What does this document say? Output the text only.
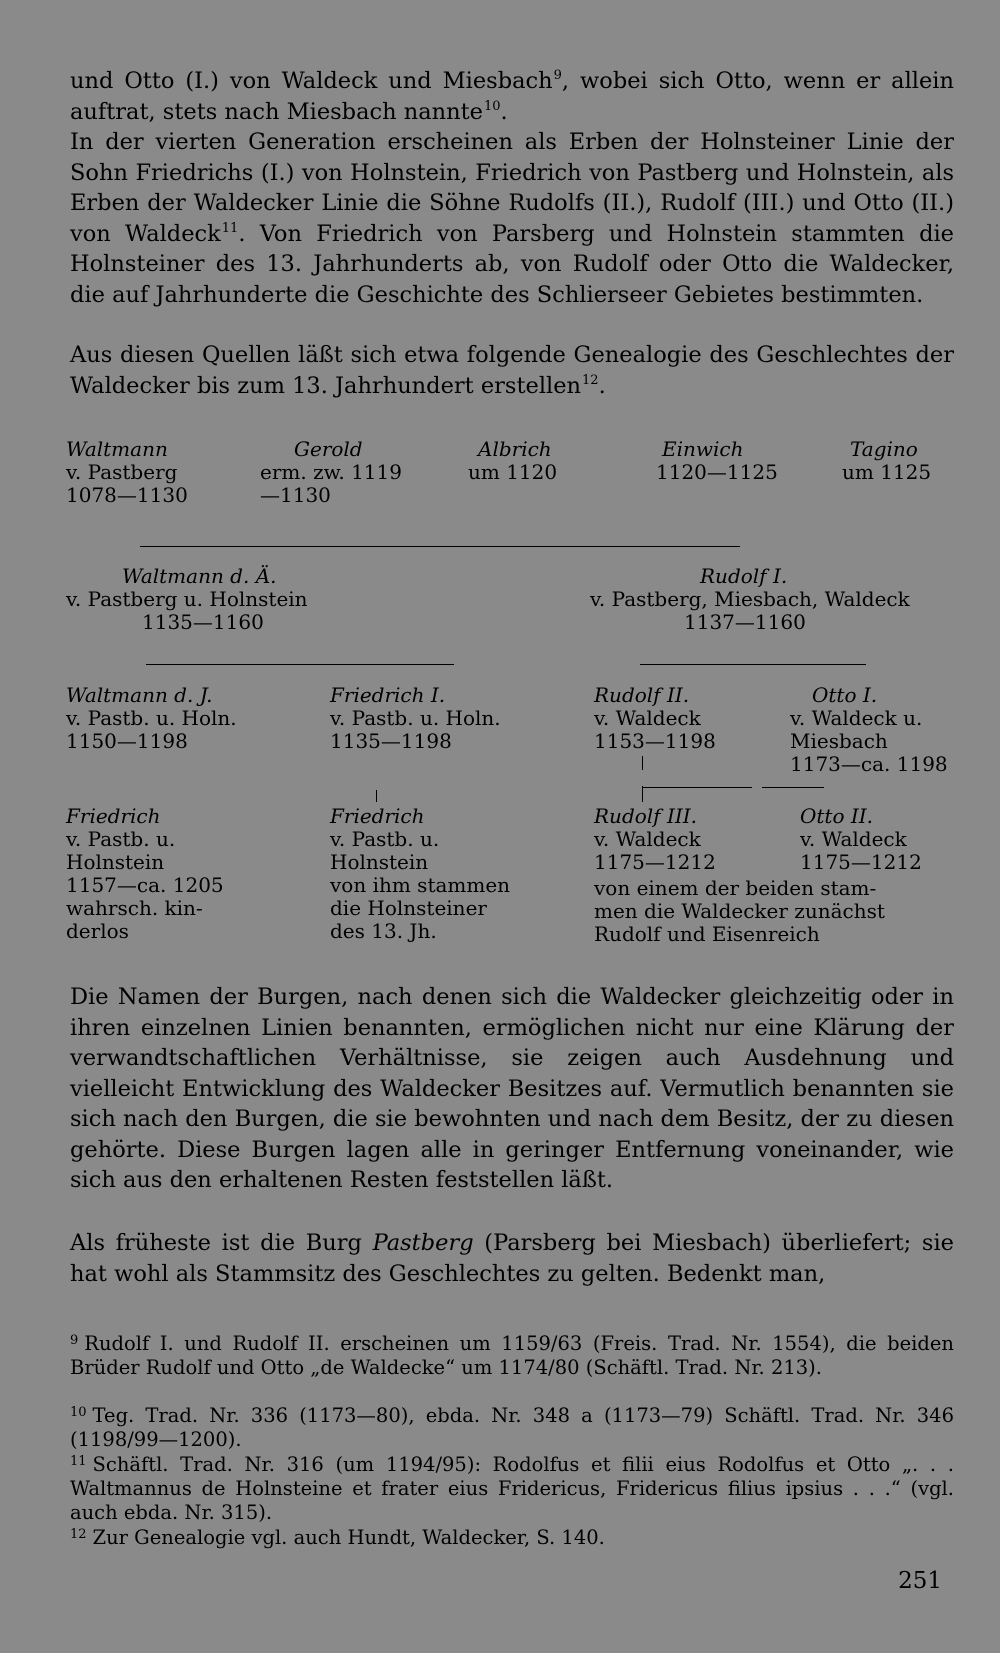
und Otto (I.) von Waldeck und Miesbach$^9$, wobei sich Otto, wenn er allein auftrat, stets nach Miesbach nannte$^{10}$.

In der vierten Generation erscheinen als Erben der Holnsteiner Linie der Sohn Friedrichs (I.) von Holnstein, Friedrich von Pastberg und Holnstein, als Erben der Waldecker Linie die Söhne Rudolfs (II.), Rudolf (III.) und Otto (II.) von Waldeck$^{11}$. Von Friedrich von Parsberg und Holnstein stammten die Holnsteiner des 13. Jahrhunderts ab, von Rudolf oder Otto die Waldecker, die auf Jahrhunderte die Geschichte des Schlierseer Gebietes bestimmten.

Aus diesen Quellen läßt sich etwa folgende Genealogie des Geschlechtes der Waldecker bis zum 13. Jahrhundert erstellen$^{12}$.

Waltmann
v. Pastberg
1078—1130
Gerold
erm. zw. 1119
—1130
Albrich
um 1120
Einwich
1120—1125
Tagino
um 1125
Waltmann d. Ä.
v. Pastberg u. Holnstein
1135—1160
Rudolf I.
v. Pastberg, Miesbach, Waldeck
1137—1160
Waltmann d. J.
v. Pastb. u. Holn.
1150—1198
Friedrich I.
v. Pastb. u. Holn.
1135—1198
Rudolf II.
v. Waldeck
1153—1198
Otto I.
v. Waldeck u.
Miesbach
1173—ca. 1198
Friedrich
v. Pastb. u.
Holnstein
1157—ca. 1205
wahrsch. kin-
derlos
Friedrich
v. Pastb. u.
Holnstein
von ihm stammen
die Holnsteiner
des 13. Jh.
Rudolf III.
v. Waldeck
1175—1212
Otto II.
v. Waldeck
1175—1212
von einem der beiden stam-
men die Waldecker zunächst
Rudolf und Eisenreich

Die Namen der Burgen, nach denen sich die Waldecker gleichzeitig oder in ihren einzelnen Linien benannten, ermöglichen nicht nur eine Klärung der verwandtschaftlichen Verhältnisse, sie zeigen auch Ausdehnung und vielleicht Entwicklung des Waldecker Besitzes auf. Vermutlich benannten sie sich nach den Burgen, die sie bewohnten und nach dem Besitz, der zu diesen gehörte. Diese Burgen lagen alle in geringer Entfernung voneinander, wie sich aus den erhaltenen Resten feststellen läßt.

Als früheste ist die Burg Pastberg (Parsberg bei Miesbach) überliefert; sie hat wohl als Stammsitz des Geschlechtes zu gelten. Bedenkt man,

$^9$ Rudolf I. und Rudolf II. erscheinen um 1159/63 (Freis. Trad. Nr. 1554), die beiden Brüder Rudolf und Otto „de Waldecke“ um 1174/80 (Schäftl. Trad. Nr. 213).

$^{10}$ Teg. Trad. Nr. 336 (1173—80), ebda. Nr. 348 a (1173—79) Schäftl. Trad. Nr. 346 (1198/99—1200).

$^{11}$ Schäftl. Trad. Nr. 316 (um 1194/95): Rodolfus et filii eius Rodolfus et Otto „. . . Waltmannus de Holnsteine et frater eius Fridericus, Fridericus filius ipsius . . .“ (vgl. auch ebda. Nr. 315).

$^{12}$ Zur Genealogie vgl. auch Hundt, Waldecker, S. 140.

251
